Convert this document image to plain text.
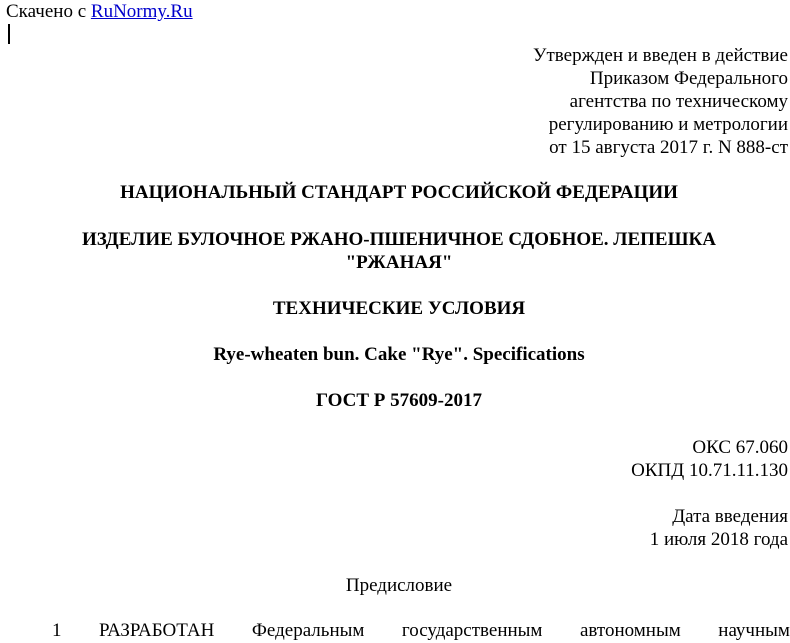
Скачено с RuNormy.Ru
Утвержден и введен в действие
Приказом Федерального
агентства по техническому
регулированию и метрологии
от 15 августа 2017 г. N 888-ст
НАЦИОНАЛЬНЫЙ СТАНДАРТ РОССИЙСКОЙ ФЕДЕРАЦИИ
ИЗДЕЛИЕ БУЛОЧНОЕ РЖАНО-ПШЕНИЧНОЕ СДОБНОЕ. ЛЕПЕШКА
"РЖАНАЯ"
ТЕХНИЧЕСКИЕ УСЛОВИЯ
Rye-wheaten bun. Cake "Rye". Specifications
ГОСТ Р 57609-2017
ОКС 67.060
ОКПД 10.71.11.130
Дата введения
1 июля 2018 года
Предисловие
1 РАЗРАБОТАН Федеральным государственным автономным научным
